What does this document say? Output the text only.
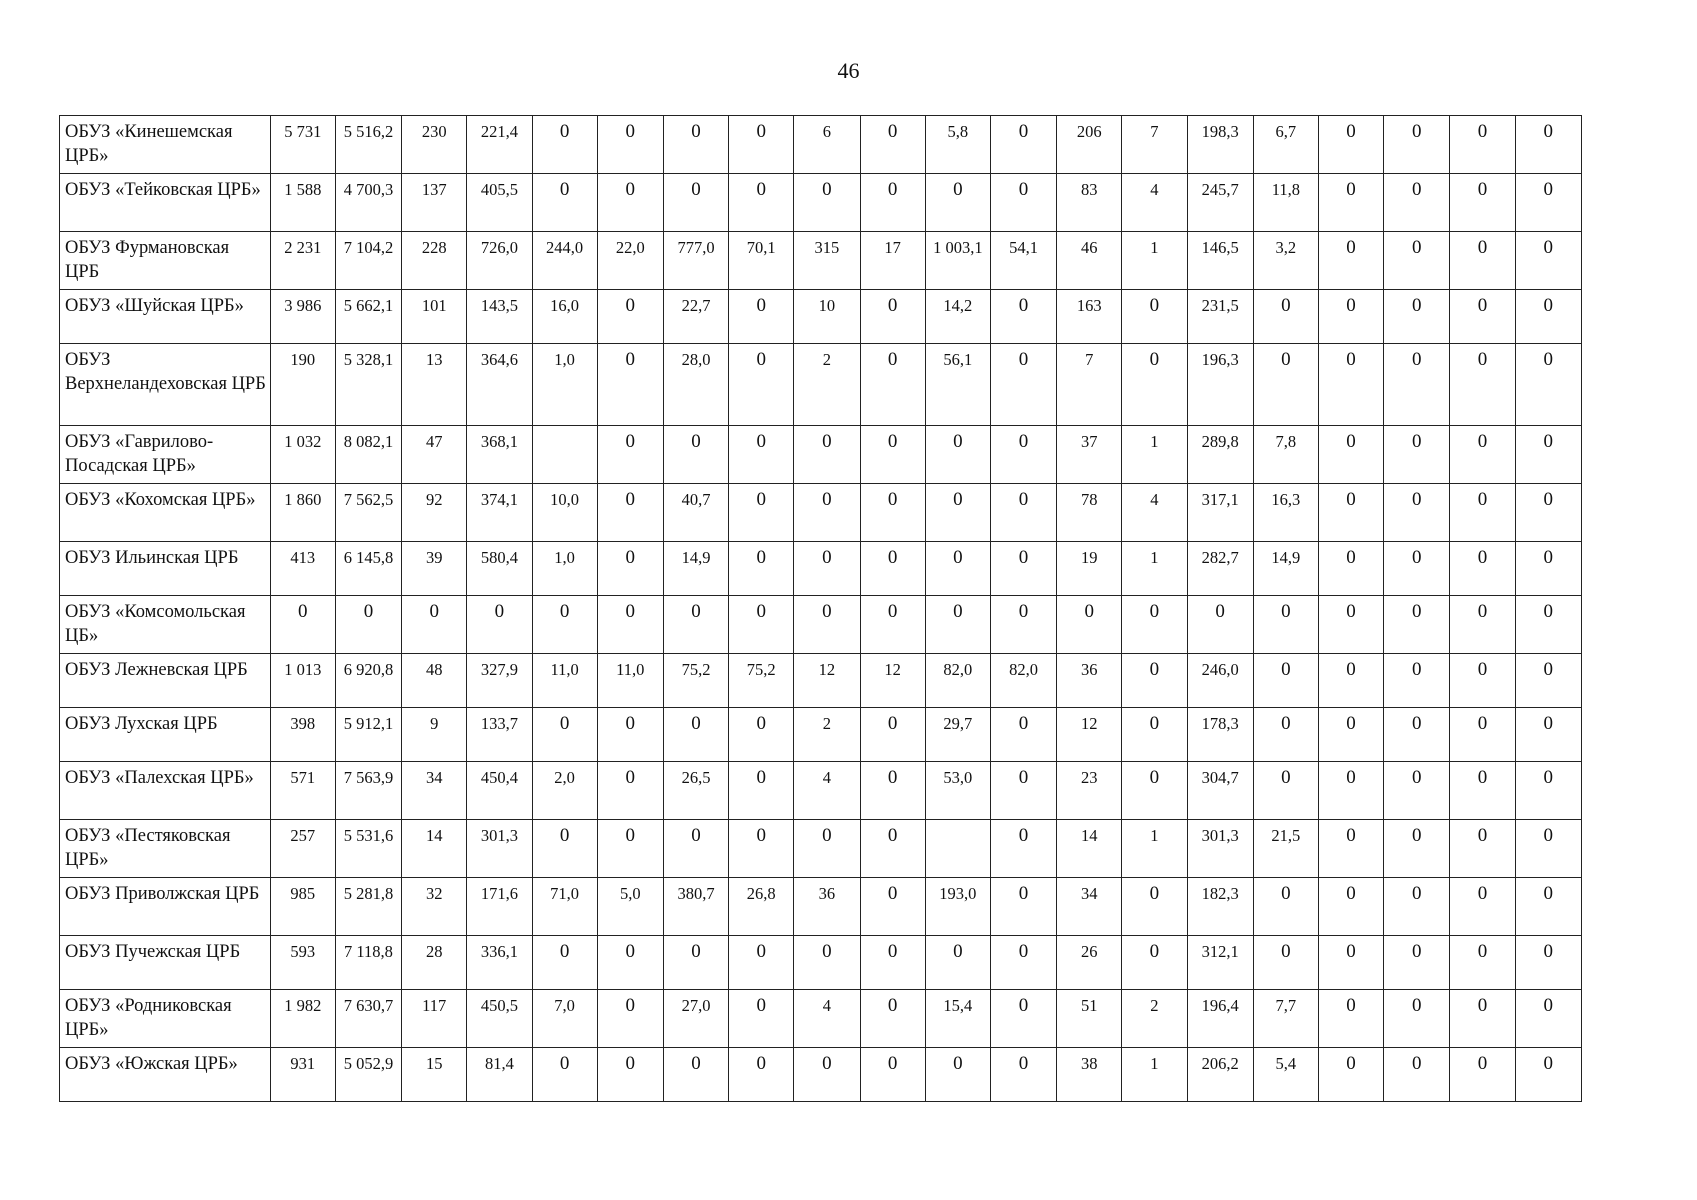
46
ОБУЗ «Кинешемская ЦРБ»	5 731	5 516,2	230	221,4	0	0	0	0	6	0	5,8	0	206	7	198,3	6,7	0	0	0	0
ОБУЗ «Тейковская ЦРБ»	1 588	4 700,3	137	405,5	0	0	0	0	0	0	0	0	83	4	245,7	11,8	0	0	0	0
ОБУЗ Фурмановская ЦРБ	2 231	7 104,2	228	726,0	244,0	22,0	777,0	70,1	315	17	1 003,1	54,1	46	1	146,5	3,2	0	0	0	0
ОБУЗ «Шуйская ЦРБ»	3 986	5 662,1	101	143,5	16,0	0	22,7	0	10	0	14,2	0	163	0	231,5	0	0	0	0	0
ОБУЗ Верхнеландеховская ЦРБ	190	5 328,1	13	364,6	1,0	0	28,0	0	2	0	56,1	0	7	0	196,3	0	0	0	0	0
ОБУЗ «Гаврилово-Посадская ЦРБ»	1 032	8 082,1	47	368,1		0	0	0	0	0	0	0	37	1	289,8	7,8	0	0	0	0
ОБУЗ «Кохомская ЦРБ»	1 860	7 562,5	92	374,1	10,0	0	40,7	0	0	0	0	0	78	4	317,1	16,3	0	0	0	0
ОБУЗ Ильинская ЦРБ	413	6 145,8	39	580,4	1,0	0	14,9	0	0	0	0	0	19	1	282,7	14,9	0	0	0	0
ОБУЗ «Комсомольская ЦБ»	0	0	0	0	0	0	0	0	0	0	0	0	0	0	0	0	0	0	0	0
ОБУЗ Лежневская ЦРБ	1 013	6 920,8	48	327,9	11,0	11,0	75,2	75,2	12	12	82,0	82,0	36	0	246,0	0	0	0	0	0
ОБУЗ Лухская ЦРБ	398	5 912,1	9	133,7	0	0	0	0	2	0	29,7	0	12	0	178,3	0	0	0	0	0
ОБУЗ «Палехская ЦРБ»	571	7 563,9	34	450,4	2,0	0	26,5	0	4	0	53,0	0	23	0	304,7	0	0	0	0	0
ОБУЗ «Пестяковская ЦРБ»	257	5 531,6	14	301,3	0	0	0	0	0	0		0	14	1	301,3	21,5	0	0	0	0
ОБУЗ Приволжская ЦРБ	985	5 281,8	32	171,6	71,0	5,0	380,7	26,8	36	0	193,0	0	34	0	182,3	0	0	0	0	0
ОБУЗ Пучежская ЦРБ	593	7 118,8	28	336,1	0	0	0	0	0	0	0	0	26	0	312,1	0	0	0	0	0
ОБУЗ «Родниковская ЦРБ»	1 982	7 630,7	117	450,5	7,0	0	27,0	0	4	0	15,4	0	51	2	196,4	7,7	0	0	0	0
ОБУЗ «Южская ЦРБ»	931	5 052,9	15	81,4	0	0	0	0	0	0	0	0	38	1	206,2	5,4	0	0	0	0
